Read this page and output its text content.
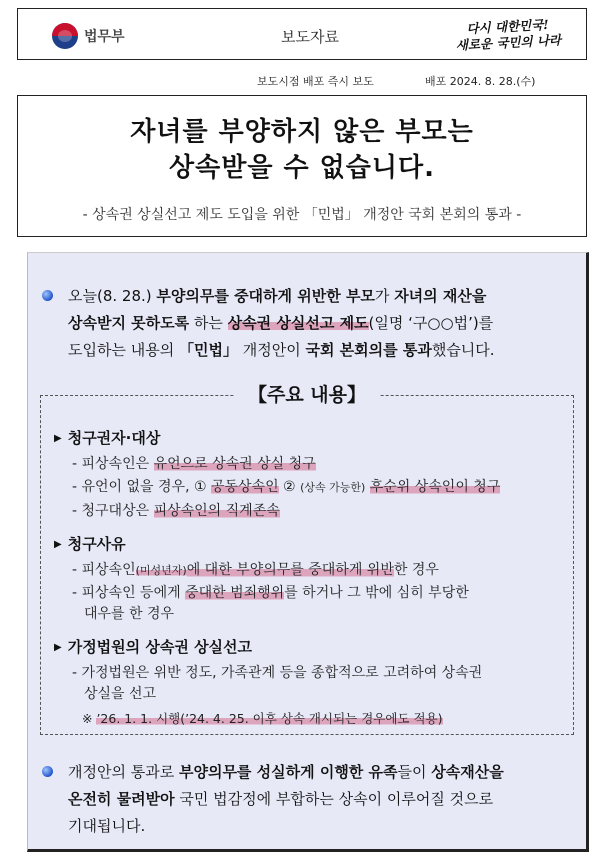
법무부	보도자료
다시 대한민국!
새로운 국민의 나라
보도시점 배포 즉시 보도	배포 2024. 8. 28.(수)
자녀를 부양하지 않은 부모는
상속받을 수 없습니다.
- 상속권 상실선고 제도 도입을 위한 「민법」 개정안 국회 본회의 통과 -
오늘(8. 28.) 부양의무를 중대하게 위반한 부모가 자녀의 재산을
상속받지 못하도록 하는 상속권 상실선고 제도(일명 ‘구○○법’)를
도입하는 내용의 「민법」 개정안이 국회 본회의를 통과했습니다.
【주요 내용】
▶ 청구권자·대상
- 피상속인은 유언으로 상속권 상실 청구
- 유언이 없을 경우, ① 공동상속인 ② (상속 가능한) 후순위 상속인이 청구
- 청구대상은 피상속인의 직계존속
▶ 청구사유
- 피상속인(미성년자)에 대한 부양의무를 중대하게 위반한 경우
- 피상속인 등에게 중대한 범죄행위를 하거나 그 밖에 심히 부당한
대우를 한 경우
▶ 가정법원의 상속권 상실선고
- 가정법원은 위반 정도, 가족관계 등을 종합적으로 고려하여 상속권
상실을 선고
※ ’26. 1. 1. 시행(’24. 4. 25. 이후 상속 개시되는 경우에도 적용)
개정안의 통과로 부양의무를 성실하게 이행한 유족들이 상속재산을
온전히 물려받아 국민 법감정에 부합하는 상속이 이루어질 것으로
기대됩니다.
